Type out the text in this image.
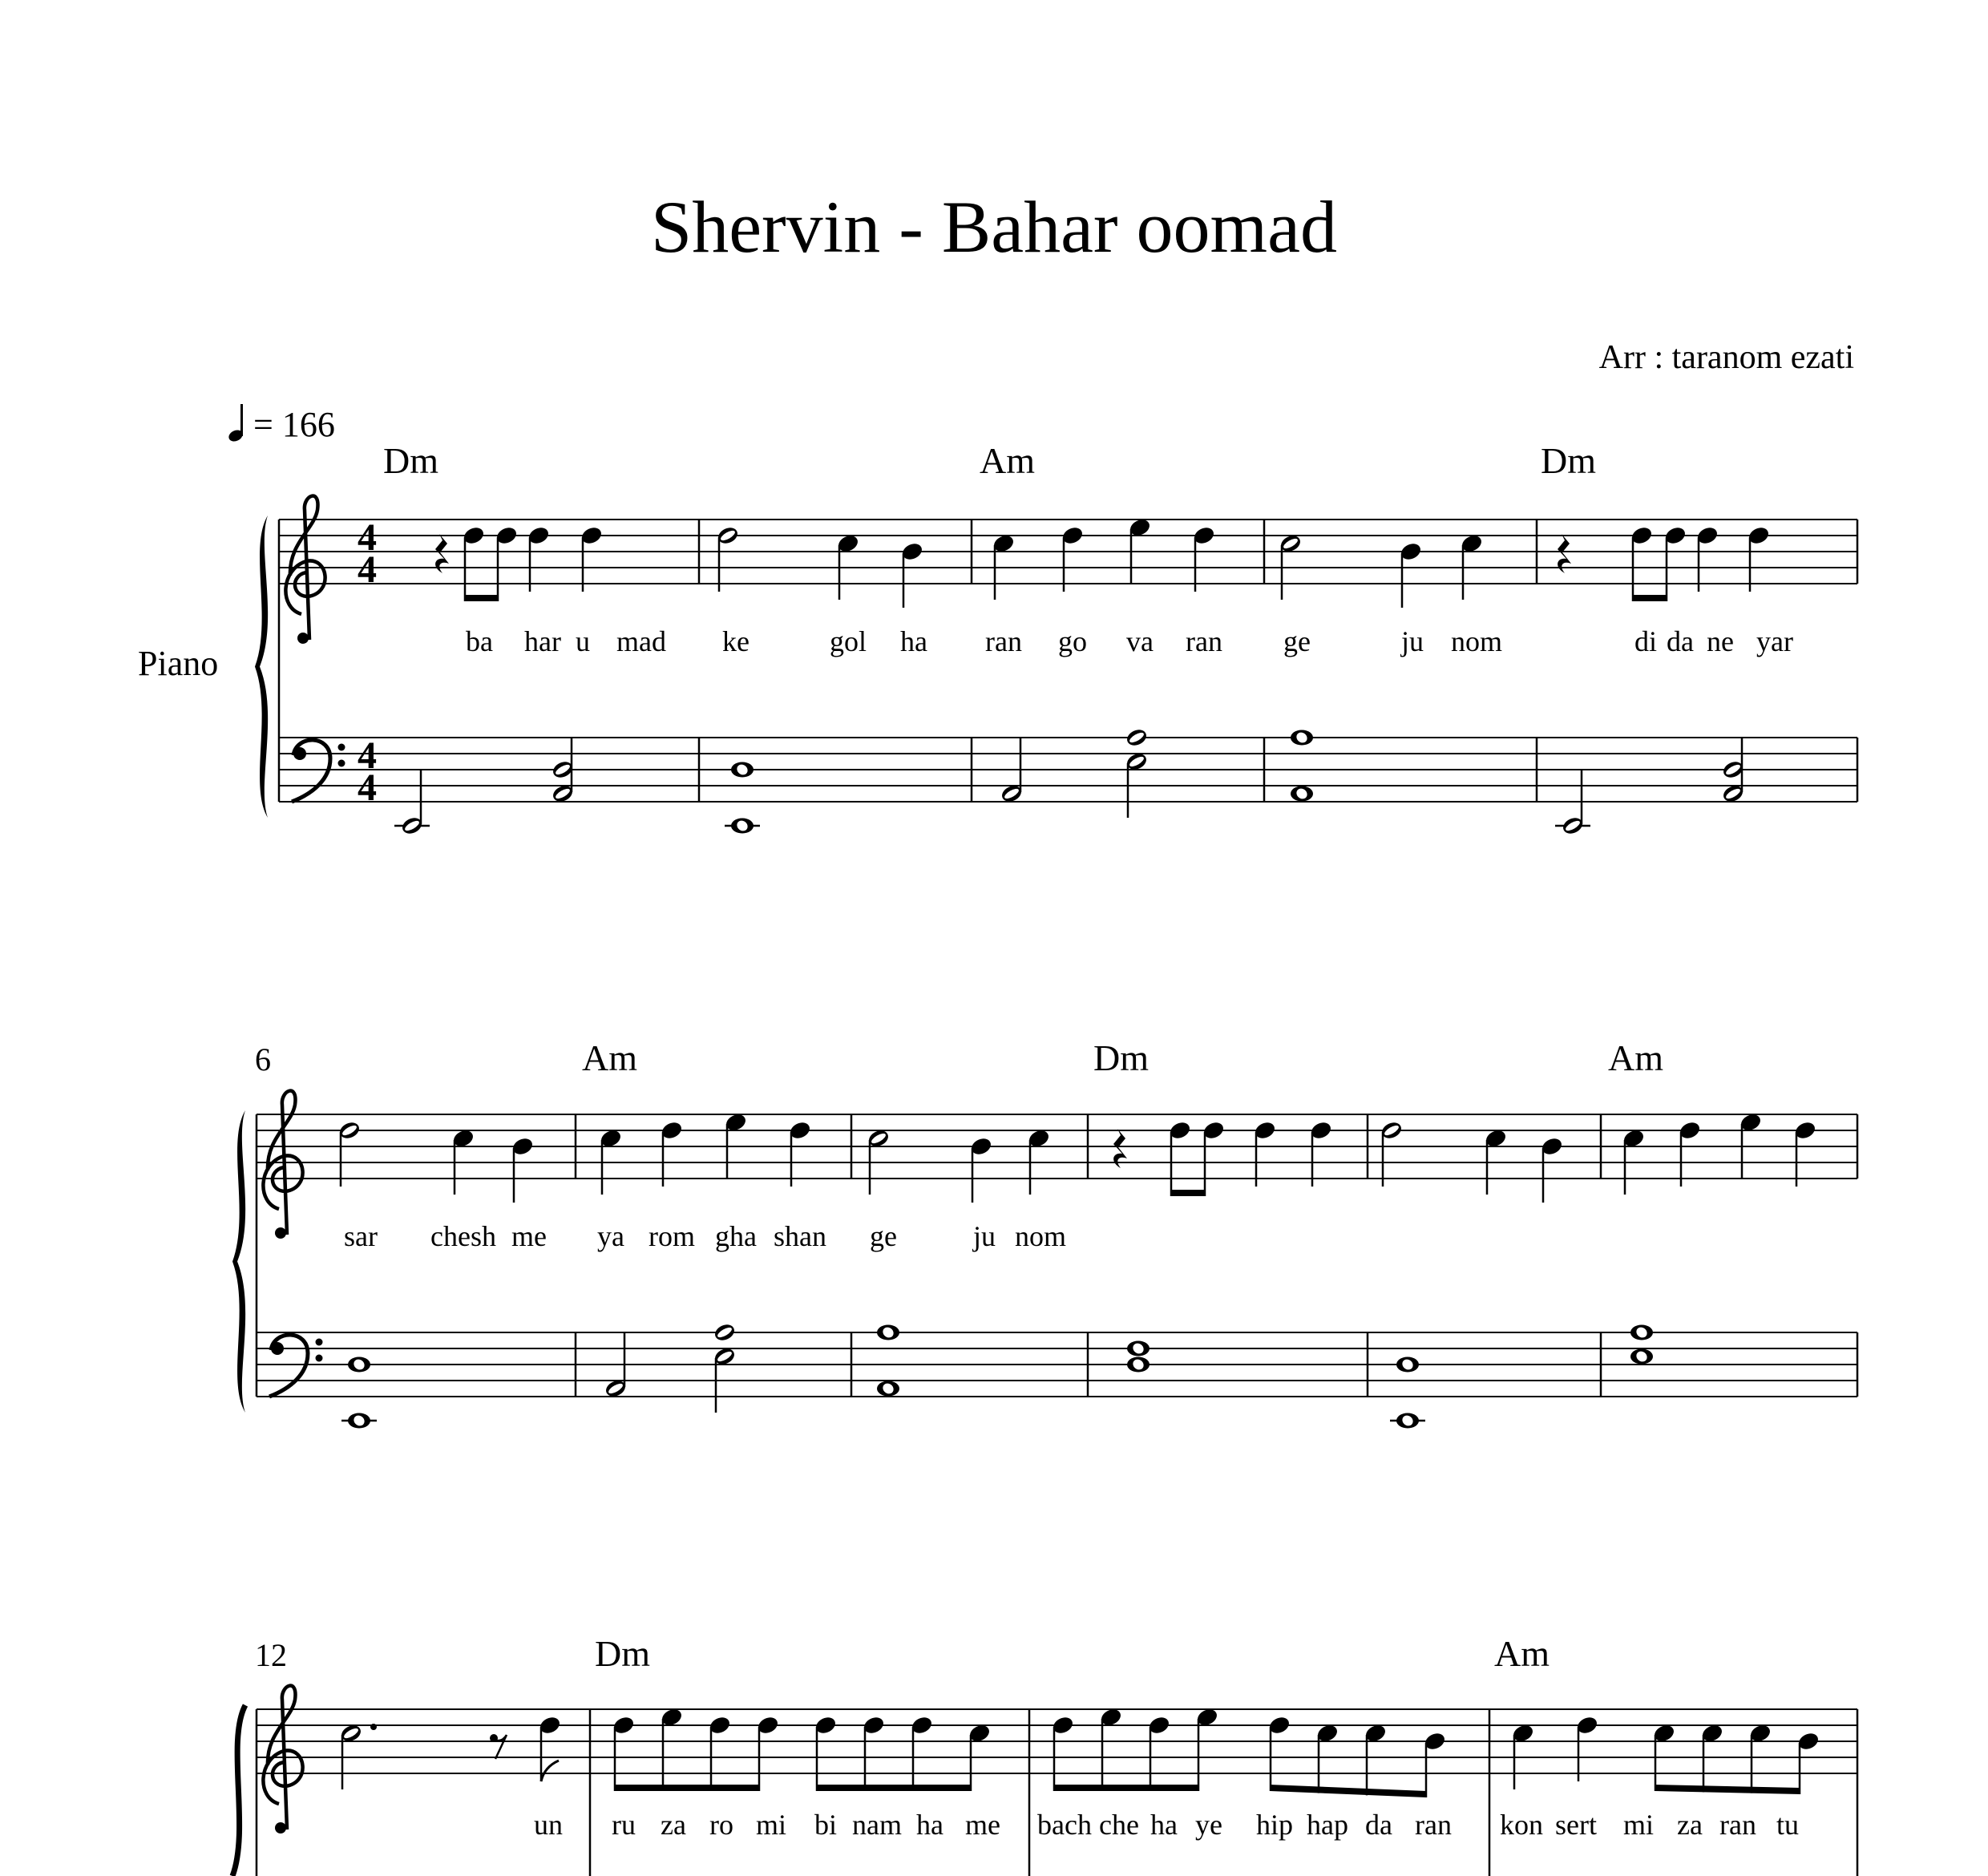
Shervin - Bahar oomad
Arr : taranom ezati
= 166
4
4
4
4
Piano
Dm	Am	Dm
ba har u mad ke	gol ha ran go va ran ge	ju nom	di da ne yar
6	Am	Dm	Am
sar chesh me ya rom gha shan ge	ju nom
12	Dm	Am
un ru za ro mi bi nam ha me bach che ha ye hip hap da ran kon sert mi za ran tu
